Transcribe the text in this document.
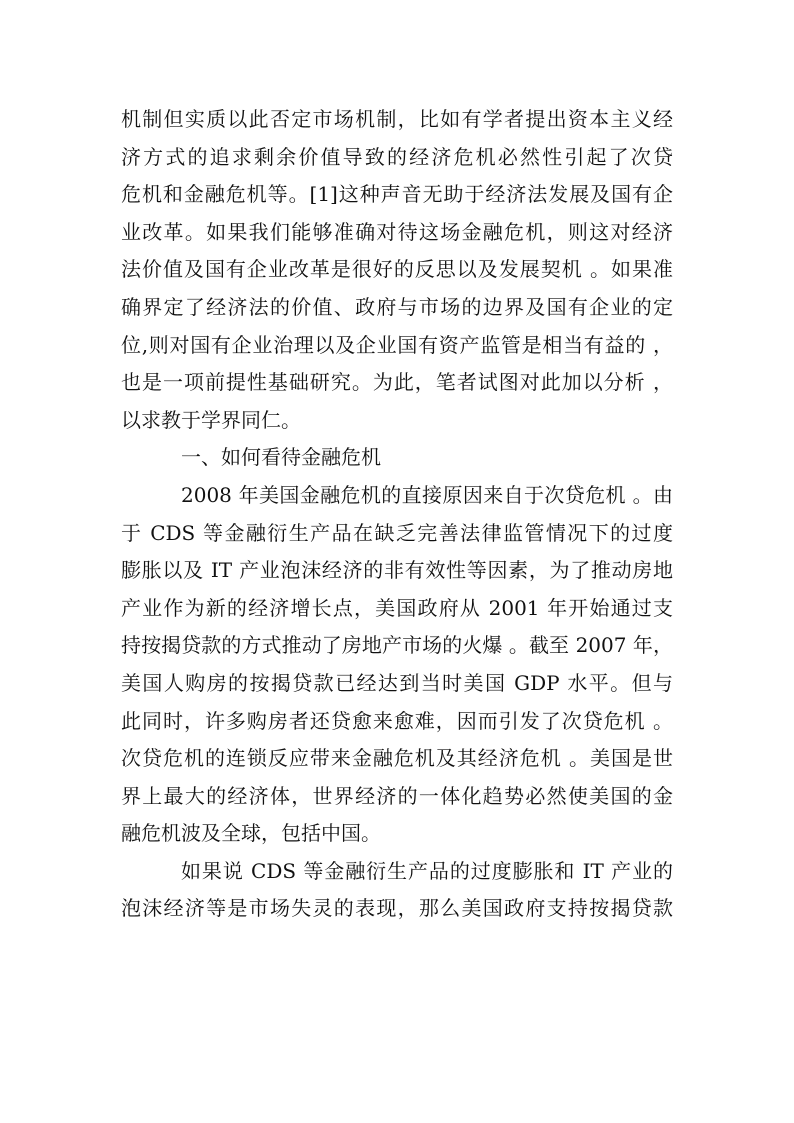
机制但实质以此否定市场机制，比如有学者提出资本主义经
济方式的追求剩余价值导致的经济危机必然性引起了次贷
危机和金融危机等。[1]这种声音无助于经济法发展及国有企
业改革。如果我们能够准确对待这场金融危机，则这对经济
法价值及国有企业改革是很好的反思以及发展契机 。如果准
确界定了经济法的价值、政府与市场的边界及国有企业的定
位,则对国有企业治理以及企业国有资产监管是相当有益的 ，
也是一项前提性基础研究。为此，笔者试图对此加以分析 ，
以求教于学界同仁。
一、如何看待金融危机
2008 年美国金融危机的直接原因来自于次贷危机 。由
于 CDS 等金融衍生产品在缺乏完善法律监管情况下的过度
膨胀以及 IT 产业泡沫经济的非有效性等因素，为了推动房地
产业作为新的经济增长点，美国政府从 2001 年开始通过支
持按揭贷款的方式推动了房地产市场的火爆 。截至 2007 年，
美国人购房的按揭贷款已经达到当时美国 GDP 水平。但与
此同时，许多购房者还贷愈来愈难，因而引发了次贷危机 。
次贷危机的连锁反应带来金融危机及其经济危机 。美国是世
界上最大的经济体，世界经济的一体化趋势必然使美国的金
融危机波及全球，包括中国。
如果说 CDS 等金融衍生产品的过度膨胀和 IT 产业的
泡沫经济等是市场失灵的表现，那么美国政府支持按揭贷款
